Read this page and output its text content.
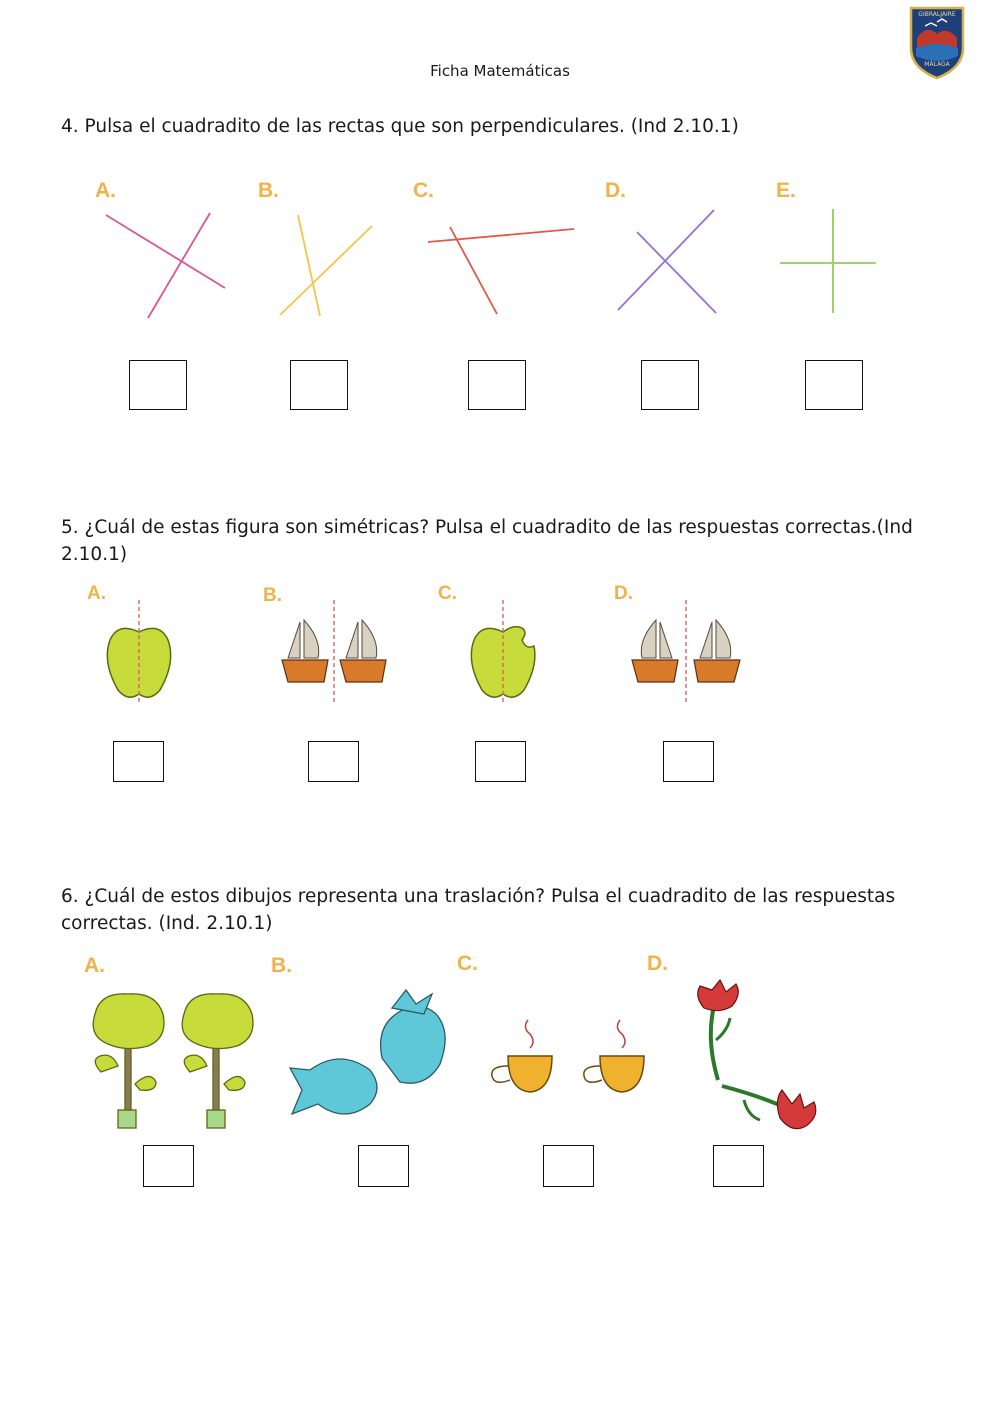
Ficha Matemáticas
GIBRALJAIRE
MÁLAGA
4. Pulsa el cuadradito de las rectas que son perpendiculares. (Ind 2.10.1)
A.	B.	C.	D.	E.
5. ¿Cuál de estas figura son simétricas? Pulsa el cuadradito de las respuestas correctas.(Ind 2.10.1)
A.	B.	C.	D.
6. ¿Cuál de estos dibujos representa una traslación? Pulsa el cuadradito de las respuestas correctas. (Ind. 2.10.1)
A.	B.	C.	D.
